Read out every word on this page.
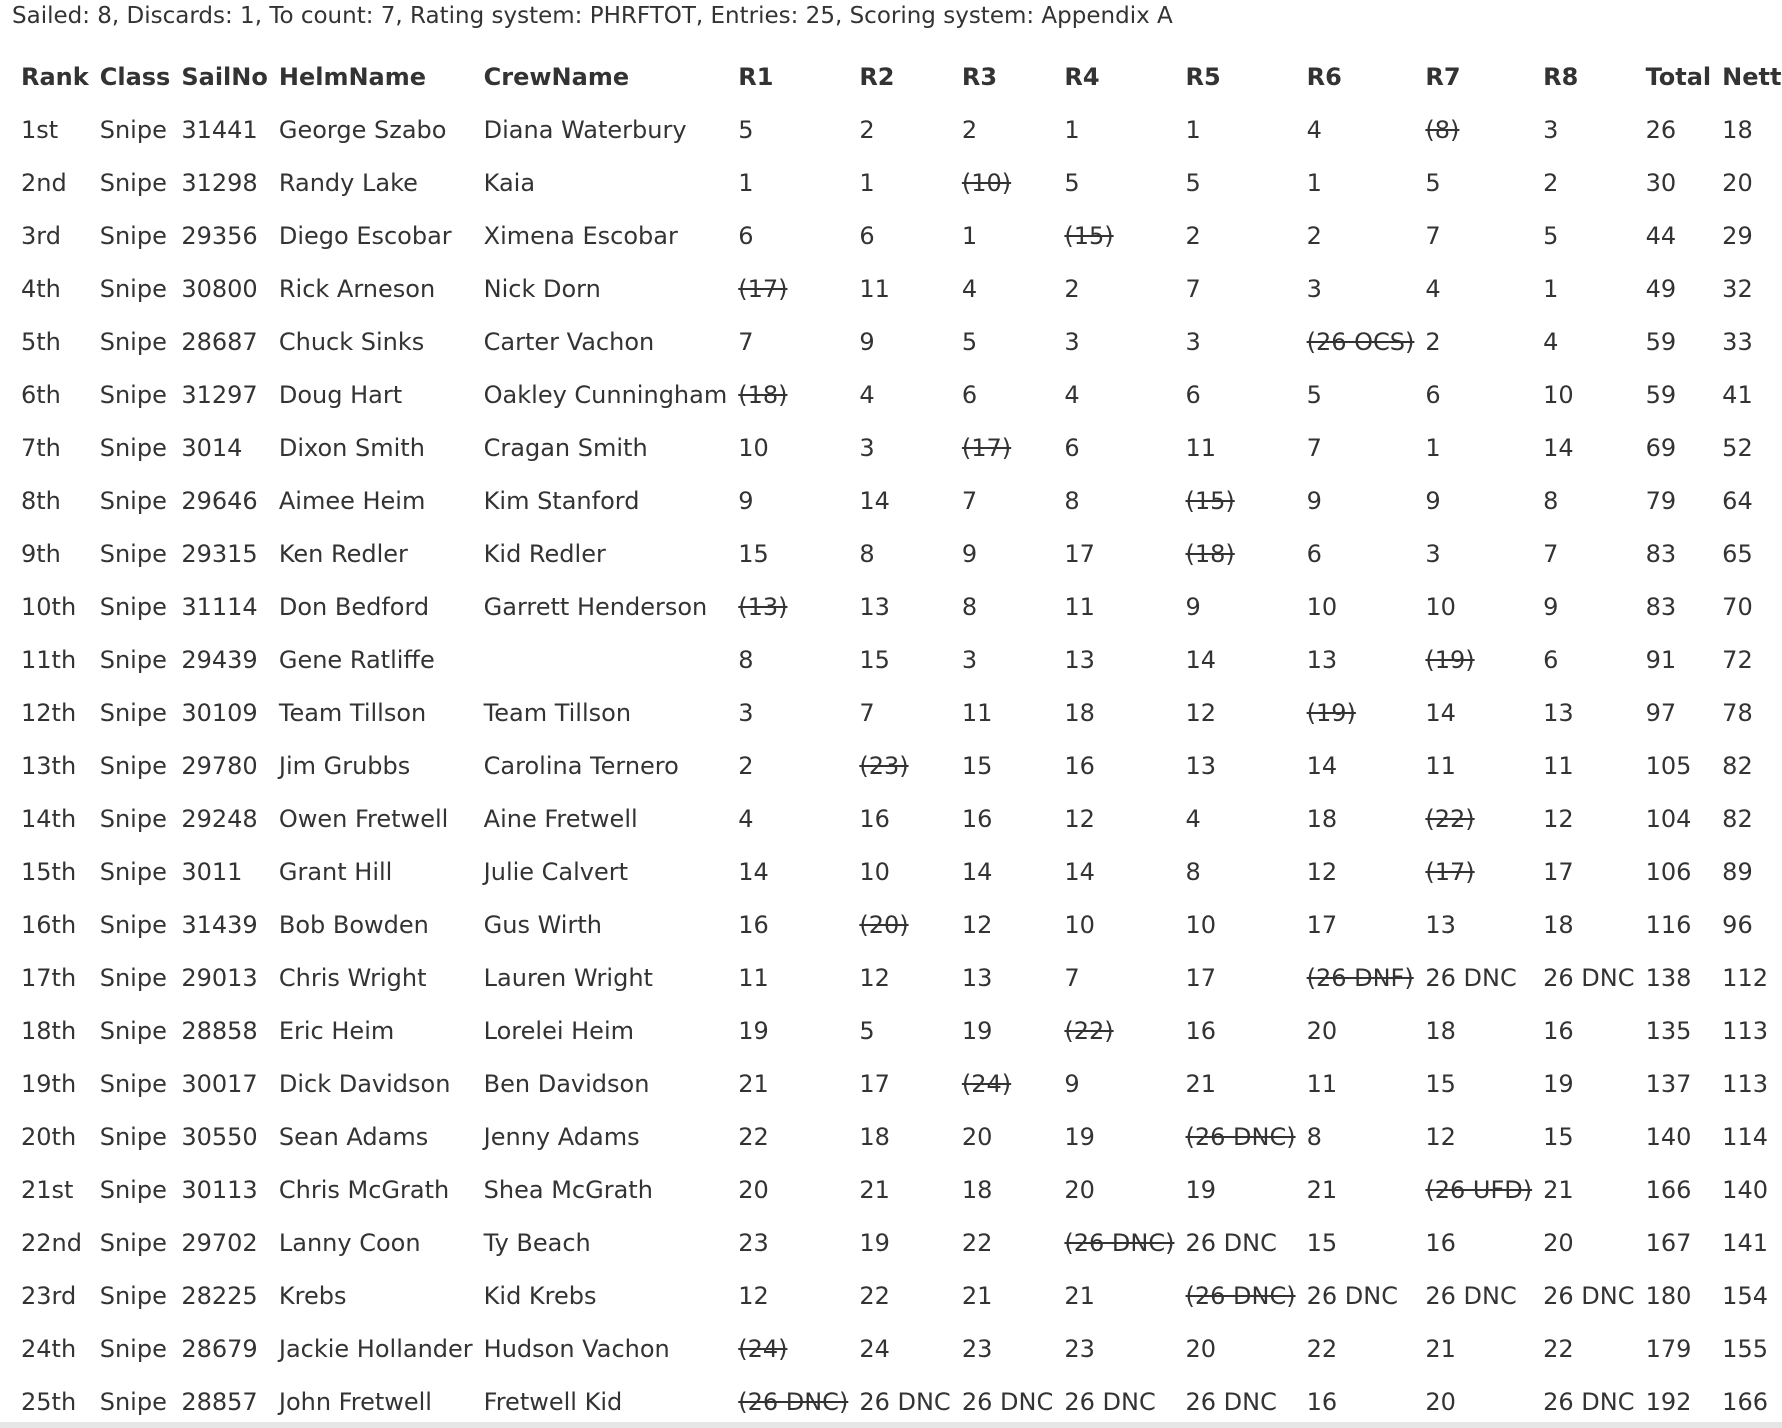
Sailed: 8, Discards: 1, To count: 7, Rating system: PHRFTOT, Entries: 25, Scoring system: Appendix A
Rank	Class	SailNo	HelmName	CrewName	R1	R2	R3	R4	R5	R6	R7	R8	Total	Nett
1st	Snipe	31441	George Szabo	Diana Waterbury	5	2	2	1	1	4	(8)	3	26	18
2nd	Snipe	31298	Randy Lake	Kaia	1	1	(10)	5	5	1	5	2	30	20
3rd	Snipe	29356	Diego Escobar	Ximena Escobar	6	6	1	(15)	2	2	7	5	44	29
4th	Snipe	30800	Rick Arneson	Nick Dorn	(17)	11	4	2	7	3	4	1	49	32
5th	Snipe	28687	Chuck Sinks	Carter Vachon	7	9	5	3	3	(26 OCS)	2	4	59	33
6th	Snipe	31297	Doug Hart	Oakley Cunningham	(18)	4	6	4	6	5	6	10	59	41
7th	Snipe	3014	Dixon Smith	Cragan Smith	10	3	(17)	6	11	7	1	14	69	52
8th	Snipe	29646	Aimee Heim	Kim Stanford	9	14	7	8	(15)	9	9	8	79	64
9th	Snipe	29315	Ken Redler	Kid Redler	15	8	9	17	(18)	6	3	7	83	65
10th	Snipe	31114	Don Bedford	Garrett Henderson	(13)	13	8	11	9	10	10	9	83	70
11th	Snipe	29439	Gene Ratliffe		8	15	3	13	14	13	(19)	6	91	72
12th	Snipe	30109	Team Tillson	Team Tillson	3	7	11	18	12	(19)	14	13	97	78
13th	Snipe	29780	Jim Grubbs	Carolina Ternero	2	(23)	15	16	13	14	11	11	105	82
14th	Snipe	29248	Owen Fretwell	Aine Fretwell	4	16	16	12	4	18	(22)	12	104	82
15th	Snipe	3011	Grant Hill	Julie Calvert	14	10	14	14	8	12	(17)	17	106	89
16th	Snipe	31439	Bob Bowden	Gus Wirth	16	(20)	12	10	10	17	13	18	116	96
17th	Snipe	29013	Chris Wright	Lauren Wright	11	12	13	7	17	(26 DNF)	26 DNC	26 DNC	138	112
18th	Snipe	28858	Eric Heim	Lorelei Heim	19	5	19	(22)	16	20	18	16	135	113
19th	Snipe	30017	Dick Davidson	Ben Davidson	21	17	(24)	9	21	11	15	19	137	113
20th	Snipe	30550	Sean Adams	Jenny Adams	22	18	20	19	(26 DNC)	8	12	15	140	114
21st	Snipe	30113	Chris McGrath	Shea McGrath	20	21	18	20	19	21	(26 UFD)	21	166	140
22nd	Snipe	29702	Lanny Coon	Ty Beach	23	19	22	(26 DNC)	26 DNC	15	16	20	167	141
23rd	Snipe	28225	Krebs	Kid Krebs	12	22	21	21	(26 DNC)	26 DNC	26 DNC	26 DNC	180	154
24th	Snipe	28679	Jackie Hollander	Hudson Vachon	(24)	24	23	23	20	22	21	22	179	155
25th	Snipe	28857	John Fretwell	Fretwell Kid	(26 DNC)	26 DNC	26 DNC	26 DNC	26 DNC	16	20	26 DNC	192	166
